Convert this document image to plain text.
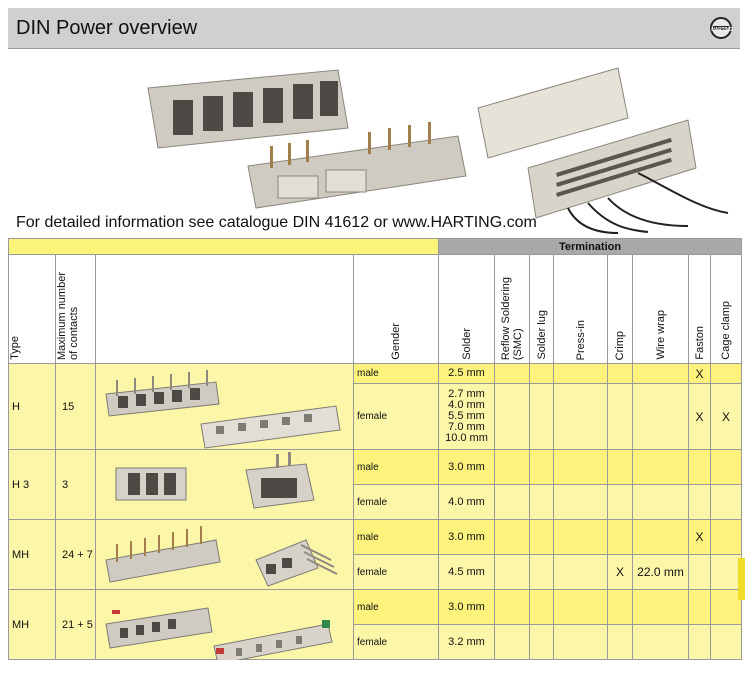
DIN Power overview	HARTING
For detailed information see catalogue DIN 41612 or www.HARTING.com
				Termination							
Type	Maximum number
of contacts		Gender	Solder	Reflow Soldering
(SMC)	Solder lug	Press-in	Crimp	Wire wrap	Faston	Cage clamp
H	15		male	2.5 mm						X	
			female	2.7 mm
4.0 mm
5.5 mm
7.0 mm
10.0 mm						X	X
H 3	3		male	3.0 mm							
			female	4.0 mm							
MH	24 + 7		male	3.0 mm						X	
			female	4.5 mm				X	22.0 mm		
MH	21 + 5		male	3.0 mm							
			female	3.2 mm							
